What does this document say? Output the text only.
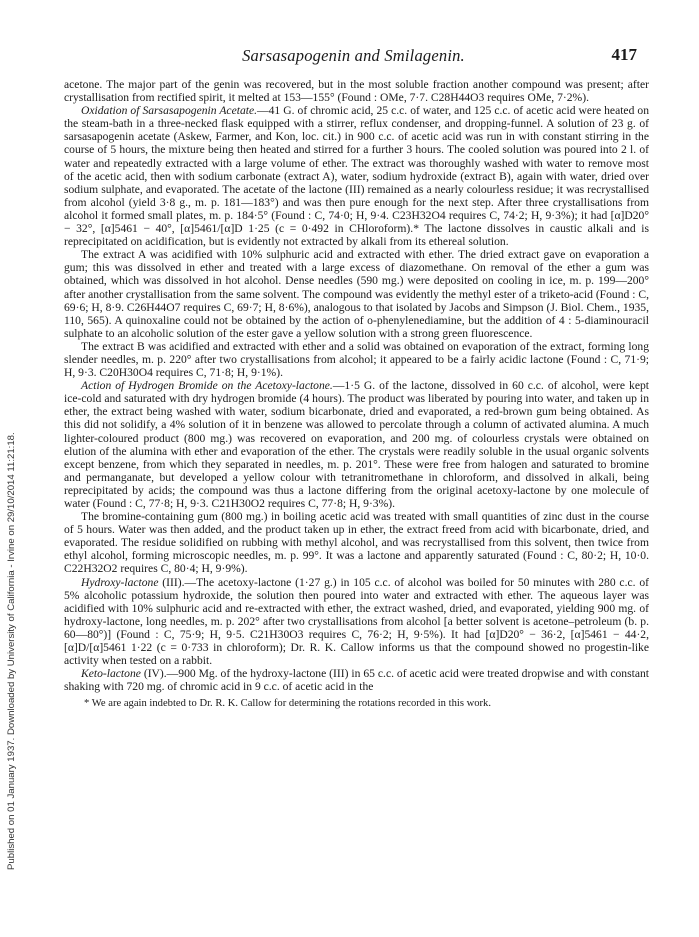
Published on 01 January 1937. Downloaded by University of California - Irvine on 29/10/2014 11:21:18.
Sarsasapogenin and Smilagenin.	417

acetone. The major part of the genin was recovered, but in the most soluble fraction another compound was present; after crystallisation from rectified spirit, it melted at 153—155° (Found : OMe, 7·7. C28H44O3 requires OMe, 7·2%).

Oxidation of Sarsasapogenin Acetate.—41 G. of chromic acid, 25 c.c. of water, and 125 c.c. of acetic acid were heated on the steam-bath in a three-necked flask equipped with a stirrer, reflux condenser, and dropping-funnel. A solution of 23 g. of sarsasapogenin acetate (Askew, Farmer, and Kon, loc. cit.) in 900 c.c. of acetic acid was run in with constant stirring in the course of 5 hours, the mixture being then heated and stirred for a further 3 hours. The cooled solution was poured into 2 l. of water and repeatedly extracted with a large volume of ether. The extract was thoroughly washed with water to remove most of the acetic acid, then with sodium carbonate (extract A), water, sodium hydroxide (extract B), again with water, dried over sodium sulphate, and evaporated. The acetate of the lactone (III) remained as a nearly colourless residue; it was recrystallised from alcohol (yield 3·8 g., m. p. 181—183°) and was then pure enough for the next step. After three crystallisations from alcohol it formed small plates, m. p. 184·5° (Found : C, 74·0; H, 9·4. C23H32O4 requires C, 74·2; H, 9·3%); it had [α]D20° − 32°, [α]5461 − 40°, [α]5461/[α]D 1·25 (c = 0·492 in CHloroform).* The lactone dissolves in caustic alkali and is reprecipitated on acidification, but is evidently not extracted by alkali from its ethereal solution.

The extract A was acidified with 10% sulphuric acid and extracted with ether. The dried extract gave on evaporation a gum; this was dissolved in ether and treated with a large excess of diazomethane. On removal of the ether a gum was obtained, which was dissolved in hot alcohol. Dense needles (590 mg.) were deposited on cooling in ice, m. p. 199—200° after another crystallisation from the same solvent. The compound was evidently the methyl ester of a triketo-acid (Found : C, 69·6; H, 8·9. C26H44O7 requires C, 69·7; H, 8·6%), analogous to that isolated by Jacobs and Simpson (J. Biol. Chem., 1935, 110, 565). A quinoxaline could not be obtained by the action of o-phenylenediamine, but the addition of 4 : 5-diaminouracil sulphate to an alcoholic solution of the ester gave a yellow solution with a strong green fluorescence.

The extract B was acidified and extracted with ether and a solid was obtained on evaporation of the extract, forming long slender needles, m. p. 220° after two crystallisations from alcohol; it appeared to be a fairly acidic lactone (Found : C, 71·9; H, 9·3. C20H30O4 requires C, 71·8; H, 9·1%).

Action of Hydrogen Bromide on the Acetoxy-lactone.—1·5 G. of the lactone, dissolved in 60 c.c. of alcohol, were kept ice-cold and saturated with dry hydrogen bromide (4 hours). The product was liberated by pouring into water, and taken up in ether, the extract being washed with water, sodium bicarbonate, dried and evaporated, a red-brown gum being obtained. As this did not solidify, a 4% solution of it in benzene was allowed to percolate through a column of activated alumina. A much lighter-coloured product (800 mg.) was recovered on evaporation, and 200 mg. of colourless crystals were obtained on elution of the alumina with ether and evaporation of the ether. The crystals were readily soluble in the usual organic solvents except benzene, from which they separated in needles, m. p. 201°. These were free from halogen and saturated to bromine and permanganate, but developed a yellow colour with tetranitromethane in chloroform, and dissolved in alkali, being reprecipitated by acids; the compound was thus a lactone differing from the original acetoxy-lactone by one molecule of water (Found : C, 77·8; H, 9·3. C21H30O2 requires C, 77·8; H, 9·3%).

The bromine-containing gum (800 mg.) in boiling acetic acid was treated with small quantities of zinc dust in the course of 5 hours. Water was then added, and the product taken up in ether, the extract freed from acid with bicarbonate, dried, and evaporated. The residue solidified on rubbing with methyl alcohol, and was recrystallised from this solvent, then twice from ethyl alcohol, forming microscopic needles, m. p. 99°. It was a lactone and apparently saturated (Found : C, 80·2; H, 10·0. C22H32O2 requires C, 80·4; H, 9·9%).

Hydroxy-lactone (III).—The acetoxy-lactone (1·27 g.) in 105 c.c. of alcohol was boiled for 50 minutes with 280 c.c. of 5% alcoholic potassium hydroxide, the solution then poured into water and extracted with ether. The aqueous layer was acidified with 10% sulphuric acid and re-extracted with ether, the extract washed, dried, and evaporated, yielding 900 mg. of hydroxy-lactone, long needles, m. p. 202° after two crystallisations from alcohol [a better solvent is acetone–petroleum (b. p. 60—80°)] (Found : C, 75·9; H, 9·5. C21H30O3 requires C, 76·2; H, 9·5%). It had [α]D20° − 36·2, [α]5461 − 44·2, [α]D/[α]5461 1·22 (c = 0·733 in chloroform); Dr. R. K. Callow informs us that the compound showed no progestin-like activity when tested on a rabbit.

Keto-lactone (IV).—900 Mg. of the hydroxy-lactone (III) in 65 c.c. of acetic acid were treated dropwise and with constant shaking with 720 mg. of chromic acid in 9 c.c. of acetic acid in the

* We are again indebted to Dr. R. K. Callow for determining the rotations recorded in this work.
